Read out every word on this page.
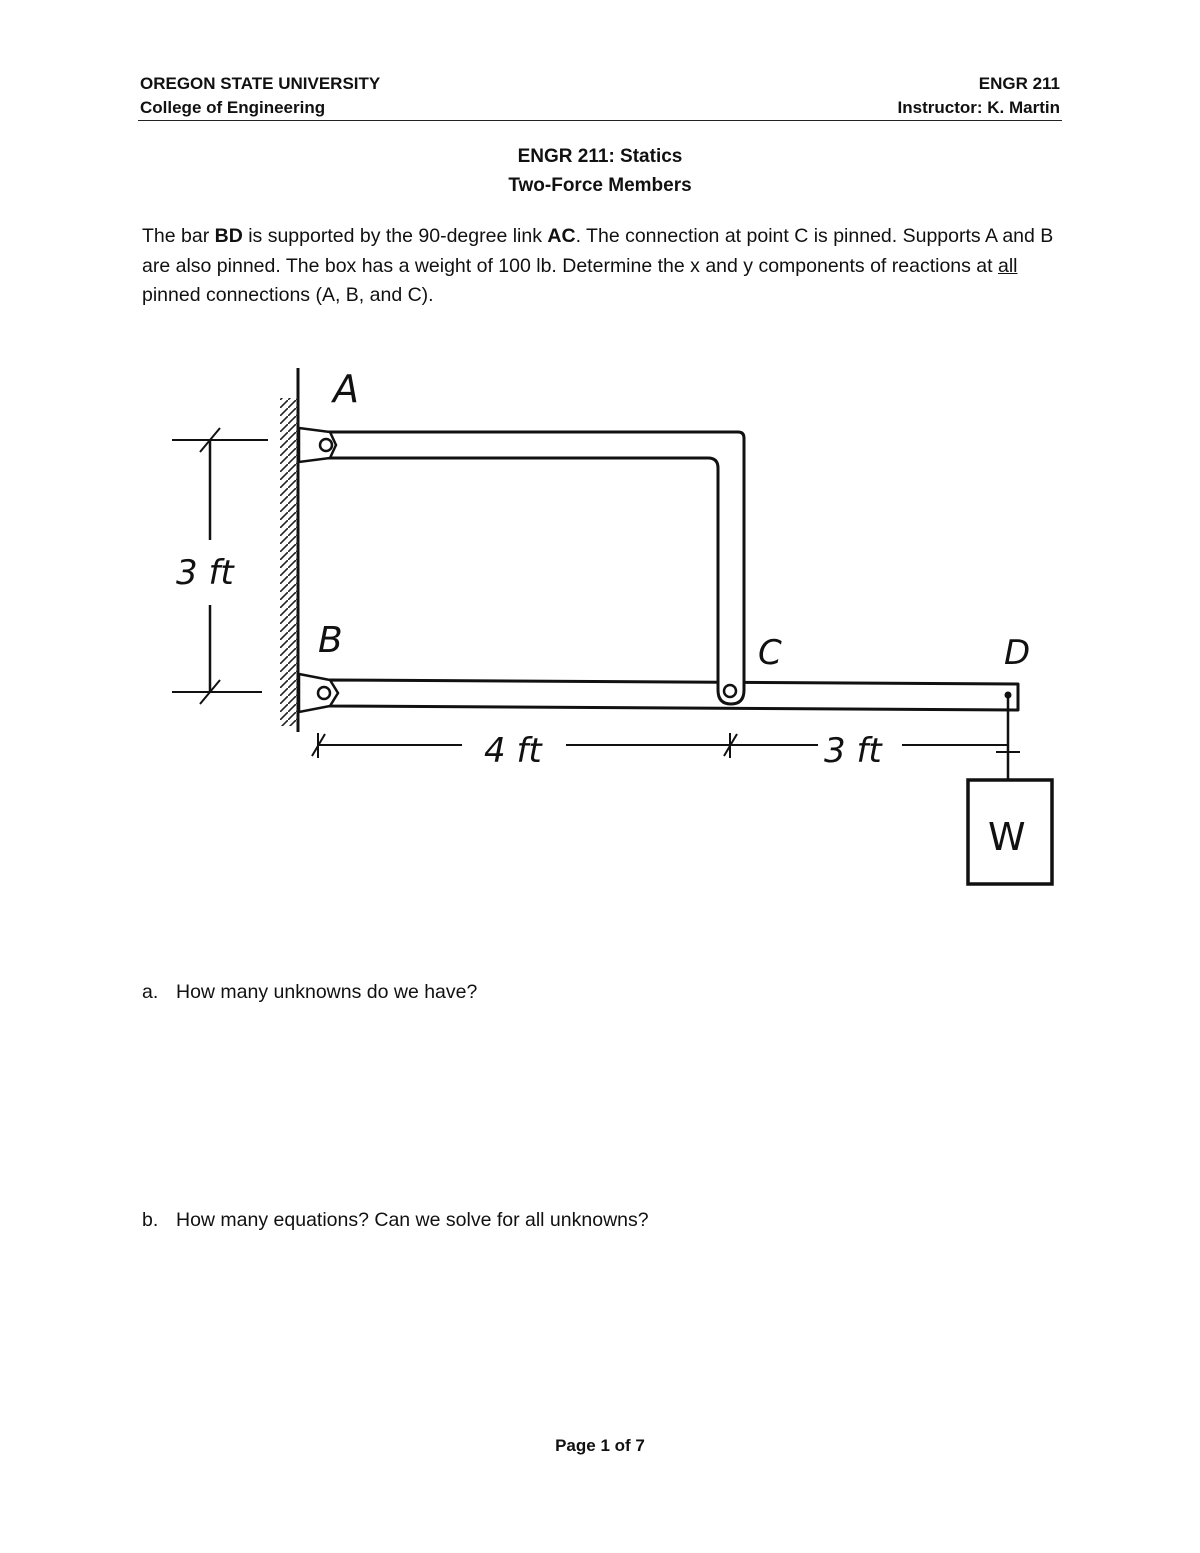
OREGON STATE UNIVERSITY
College of Engineering
ENGR 211
Instructor: K. Martin
ENGR 211: Statics
Two-Force Members
The bar BD is supported by the 90-degree link AC. The connection at point C is pinned. Supports A and B are also pinned. The box has a weight of 100 lb. Determine the x and y components of reactions at all pinned connections (A, B, and C).
A
B	C	D
W
3 ft
4 ft	3 ft
a. How many unknowns do we have?
b. How many equations? Can we solve for all unknowns?
Page 1 of 7
